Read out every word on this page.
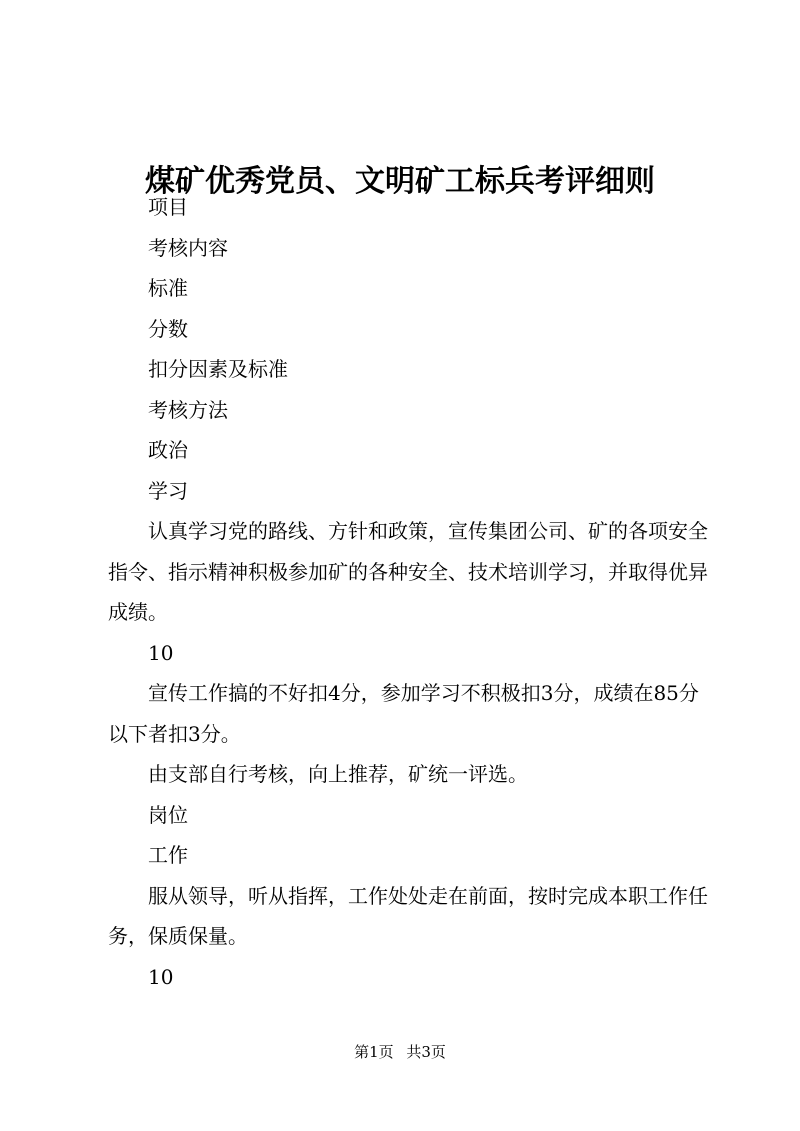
煤矿优秀党员、文明矿工标兵考评细则

项目

考核内容

标准

分数

扣分因素及标准

考核方法

政治

学习

认真学习党的路线、方针和政策，宣传集团公司、矿的各项安全指令、指示精神积极参加矿的各种安全、技术培训学习，并取得优异成绩。

10

宣传工作搞的不好扣4分，参加学习不积极扣3分，成绩在85分以下者扣3分。

由支部自行考核，向上推荐，矿统一评选。

岗位

工作

服从领导，听从指挥，工作处处走在前面，按时完成本职工作任务，保质保量。

10

第1页 共3页
